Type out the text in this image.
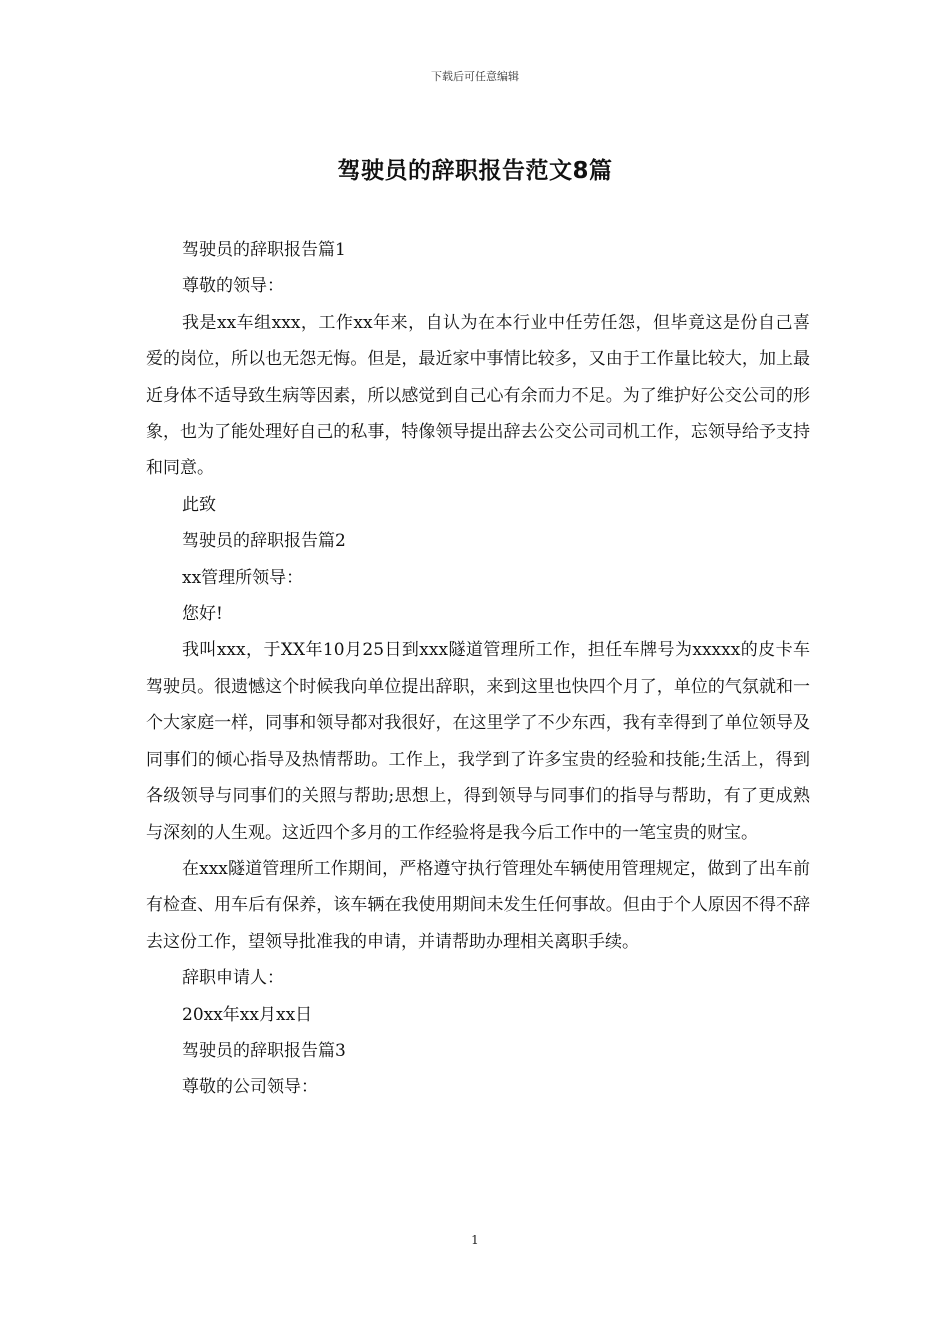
下载后可任意编辑
驾驶员的辞职报告范文8篇

驾驶员的辞职报告篇1

尊敬的领导：

我是xx车组xxx，工作xx年来，自认为在本行业中任劳任怨，但毕竟这是份自己喜爱的岗位，所以也无怨无悔。但是，最近家中事情比较多，又由于工作量比较大，加上最近身体不适导致生病等因素，所以感觉到自己心有余而力不足。为了维护好公交公司的形象，也为了能处理好自己的私事，特像领导提出辞去公交公司司机工作，忘领导给予支持和同意。

此致

驾驶员的辞职报告篇2

xx管理所领导：

您好!

我叫xxx，于XX年10月25日到xxx隧道管理所工作，担任车牌号为xxxxx的皮卡车驾驶员。很遗憾这个时候我向单位提出辞职，来到这里也快四个月了，单位的气氛就和一个大家庭一样，同事和领导都对我很好，在这里学了不少东西，我有幸得到了单位领导及同事们的倾心指导及热情帮助。工作上，我学到了许多宝贵的经验和技能;生活上，得到各级领导与同事们的关照与帮助;思想上，得到领导与同事们的指导与帮助，有了更成熟与深刻的人生观。这近四个多月的工作经验将是我今后工作中的一笔宝贵的财宝。

在xxx隧道管理所工作期间，严格遵守执行管理处车辆使用管理规定，做到了出车前有检查、用车后有保养，该车辆在我使用期间未发生任何事故。但由于个人原因不得不辞去这份工作，望领导批准我的申请，并请帮助办理相关离职手续。

辞职申请人：

20xx年xx月xx日

驾驶员的辞职报告篇3

尊敬的公司领导：

1
